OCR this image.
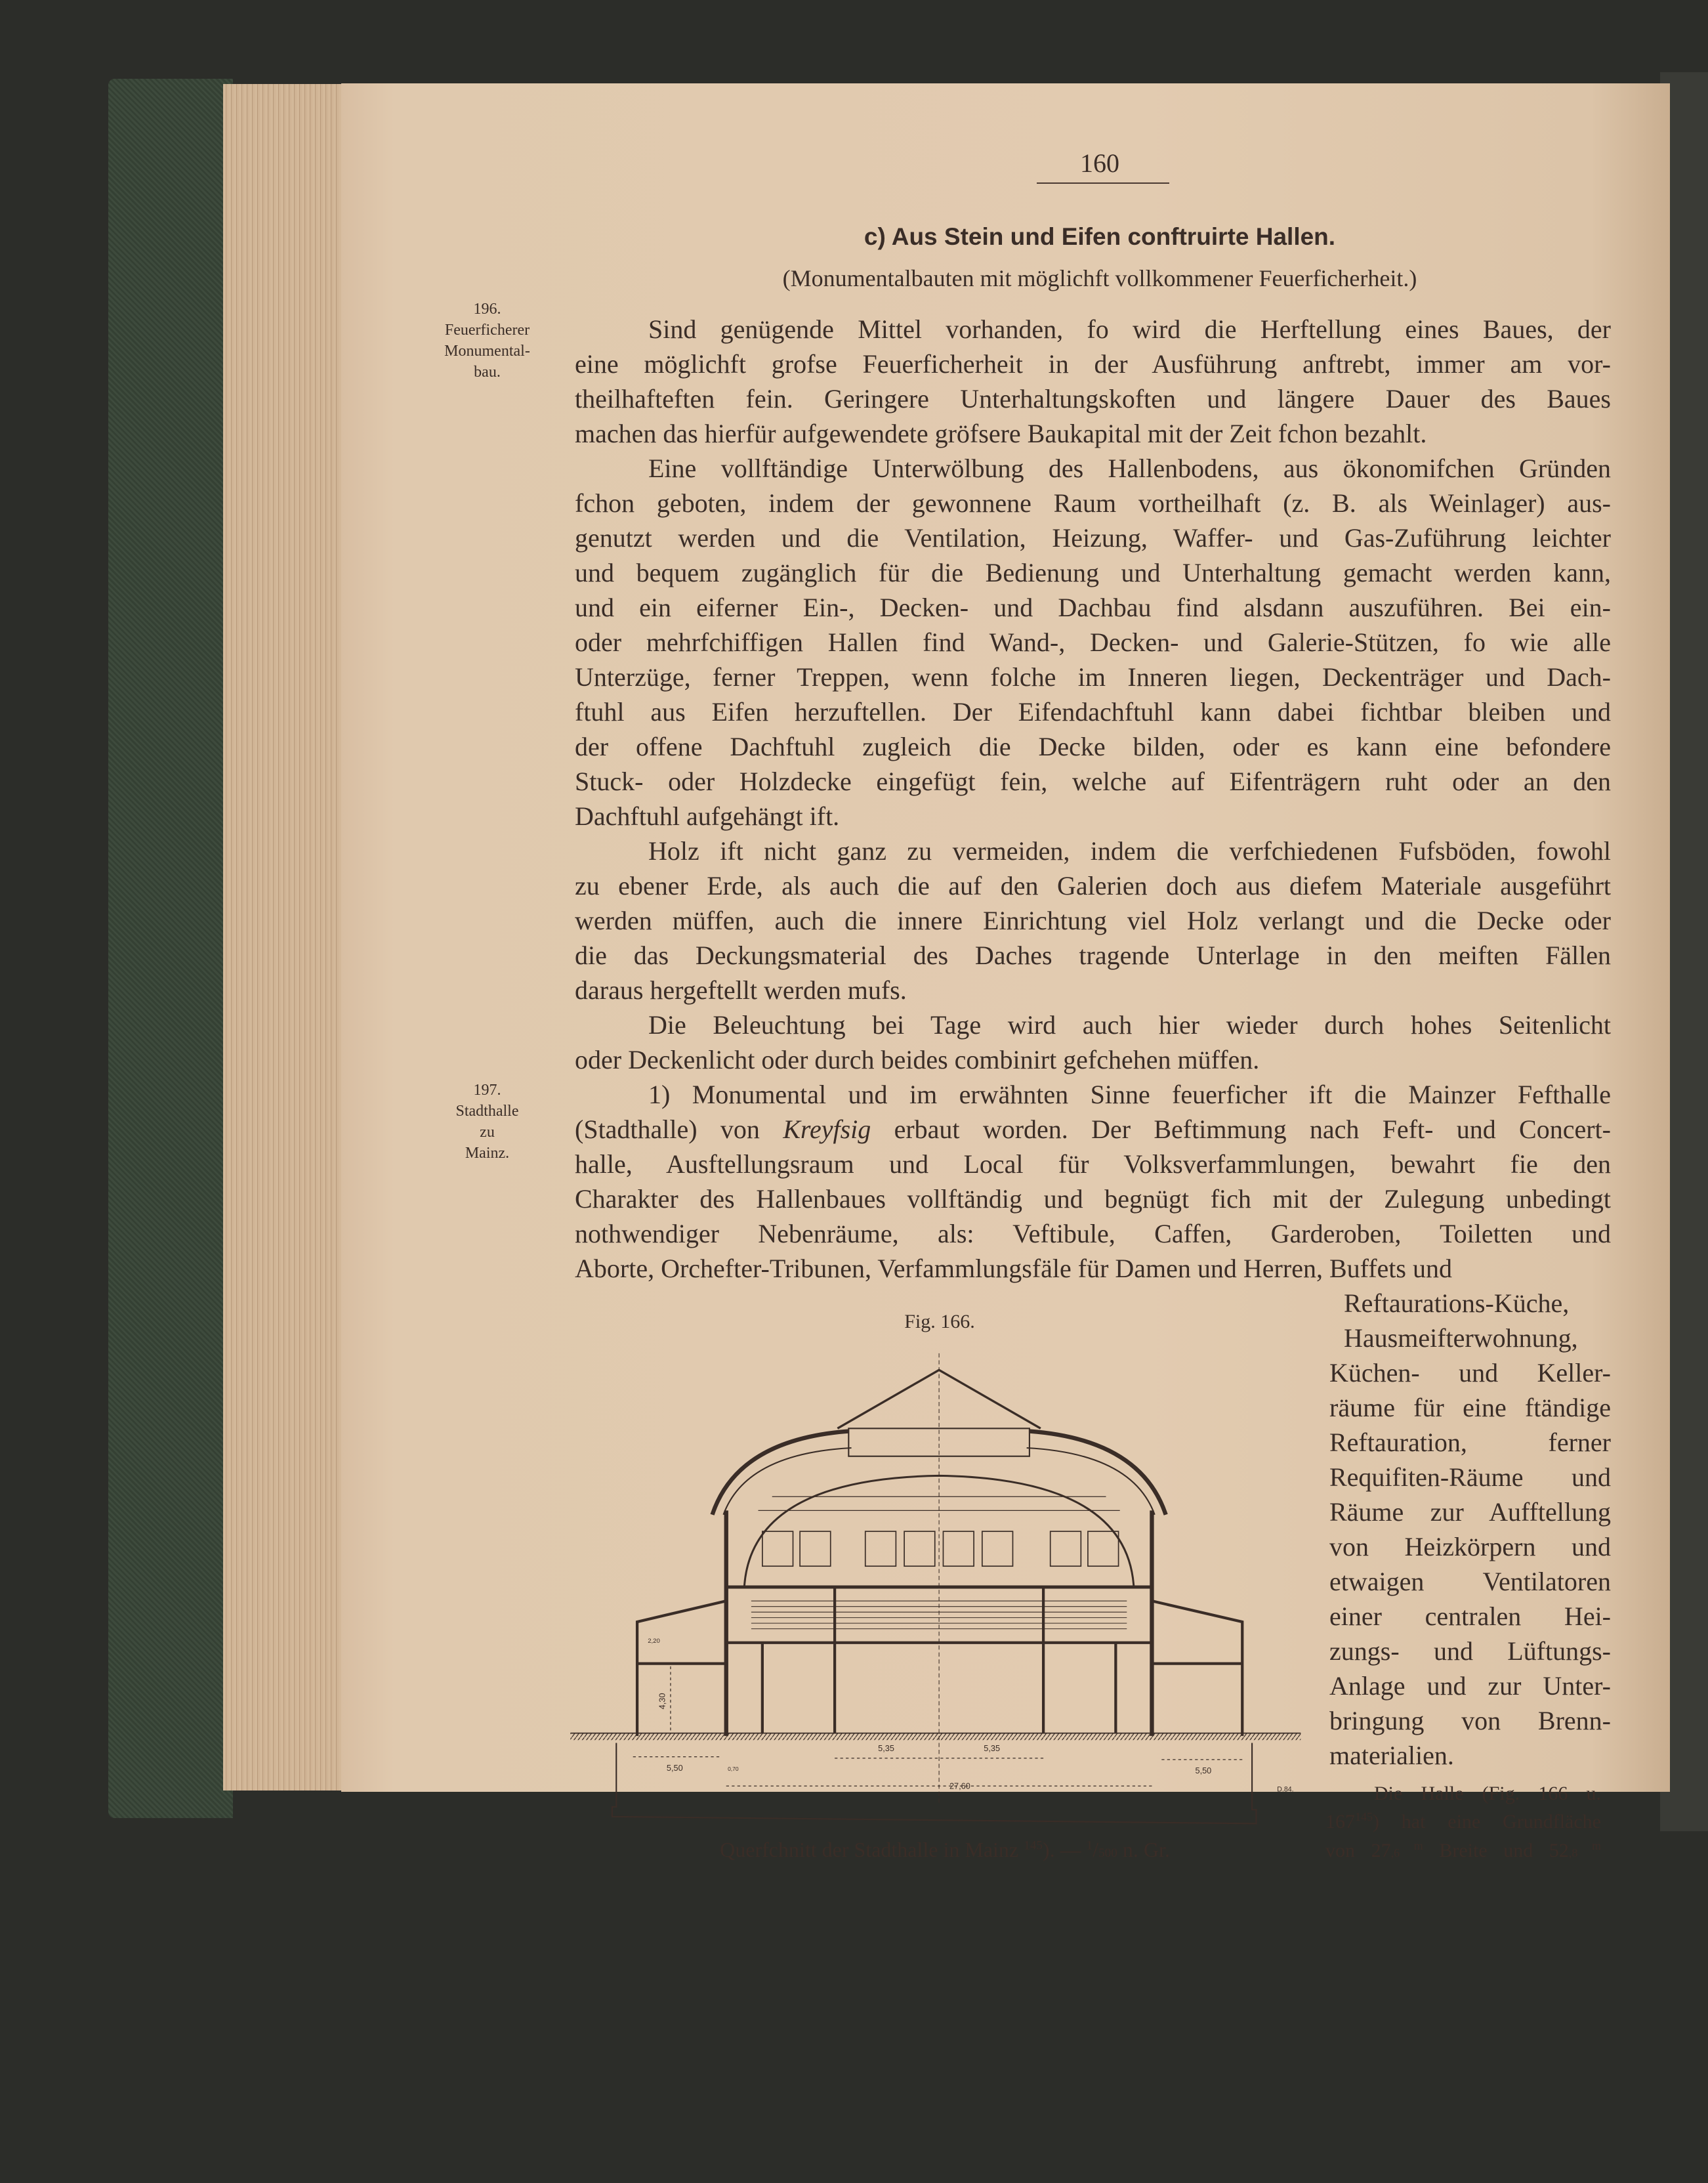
160
c) Aus Stein und Eifen conftruirte Hallen.
(Monumentalbauten mit möglichft vollkommener Feuerficherheit.)
196.
Feuerficherer
Monumental-
bau.
197.
Stadthalle
zu
Mainz.
Sind genügende Mittel vorhanden, fo wird die Herftellung eines Baues, der
eine möglichft grofse Feuerficherheit in der Ausführung anftrebt, immer am vor-
theilhafteften fein. Geringere Unterhaltungskoften und längere Dauer des Baues
machen das hierfür aufgewendete gröfsere Baukapital mit der Zeit fchon bezahlt.
Eine vollftändige Unterwölbung des Hallenbodens, aus ökonomifchen Gründen
fchon geboten, indem der gewonnene Raum vortheilhaft (z. B. als Weinlager) aus-
genutzt werden und die Ventilation, Heizung, Waffer- und Gas-Zuführung leichter
und bequem zugänglich für die Bedienung und Unterhaltung gemacht werden kann,
und ein eiferner Ein-, Decken- und Dachbau find alsdann auszuführen. Bei ein-
oder mehrfchiffigen Hallen find Wand-, Decken- und Galerie-Stützen, fo wie alle
Unterzüge, ferner Treppen, wenn folche im Inneren liegen, Deckenträger und Dach-
ftuhl aus Eifen herzuftellen. Der Eifendachftuhl kann dabei fichtbar bleiben und
der offene Dachftuhl zugleich die Decke bilden, oder es kann eine befondere
Stuck- oder Holzdecke eingefügt fein, welche auf Eifenträgern ruht oder an den
Dachftuhl aufgehängt ift.
Holz ift nicht ganz zu vermeiden, indem die verfchiedenen Fufsböden, fowohl
zu ebener Erde, als auch die auf den Galerien doch aus diefem Materiale ausgeführt
werden müffen, auch die innere Einrichtung viel Holz verlangt und die Decke oder
die das Deckungsmaterial des Daches tragende Unterlage in den meiften Fällen
daraus hergeftellt werden mufs.
Die Beleuchtung bei Tage wird auch hier wieder durch hohes Seitenlicht
oder Deckenlicht oder durch beides combinirt gefchehen müffen.
1) Monumental und im erwähnten Sinne feuerficher ift die Mainzer Fefthalle
(Stadthalle) von Kreyfsig erbaut worden. Der Beftimmung nach Feft- und Concert-
halle, Ausftellungsraum und Local für Volksverfammlungen, bewahrt fie den
Charakter des Hallenbaues vollftändig und begnügt fich mit der Zulegung unbedingt
nothwendiger Nebenräume, als: Veftibule, Caffen, Garderoben, Toiletten und
Aborte, Orchefter-Tribunen, Verfammlungsfäle für Damen und Herren, Buffets und
Reftaurations-Küche,
Hausmeifterwohnung,
Küchen- und Keller-
räume für eine ftändige
Reftauration, ferner
Requifiten-Räume und
Räume zur Aufftellung
von Heizkörpern und
etwaigen Ventilatoren
einer centralen Hei-
zungs- und Lüftungs-
Anlage und zur Unter-
bringung von Brenn-
materialien.
Die Halle (Fig. 166 u.
$167^{145}$) hat eine Grundfläche
von 27,6 $^m$ Breite und 52,8 $^m$
Fig. 166.
5,50	0,70
5,35	5,35
5,50
27,60
4,30
2,20
D.84.
Querfchnitt der Stadthalle in Mainz $^{145}$). — $^1$/500 n. Gr.
